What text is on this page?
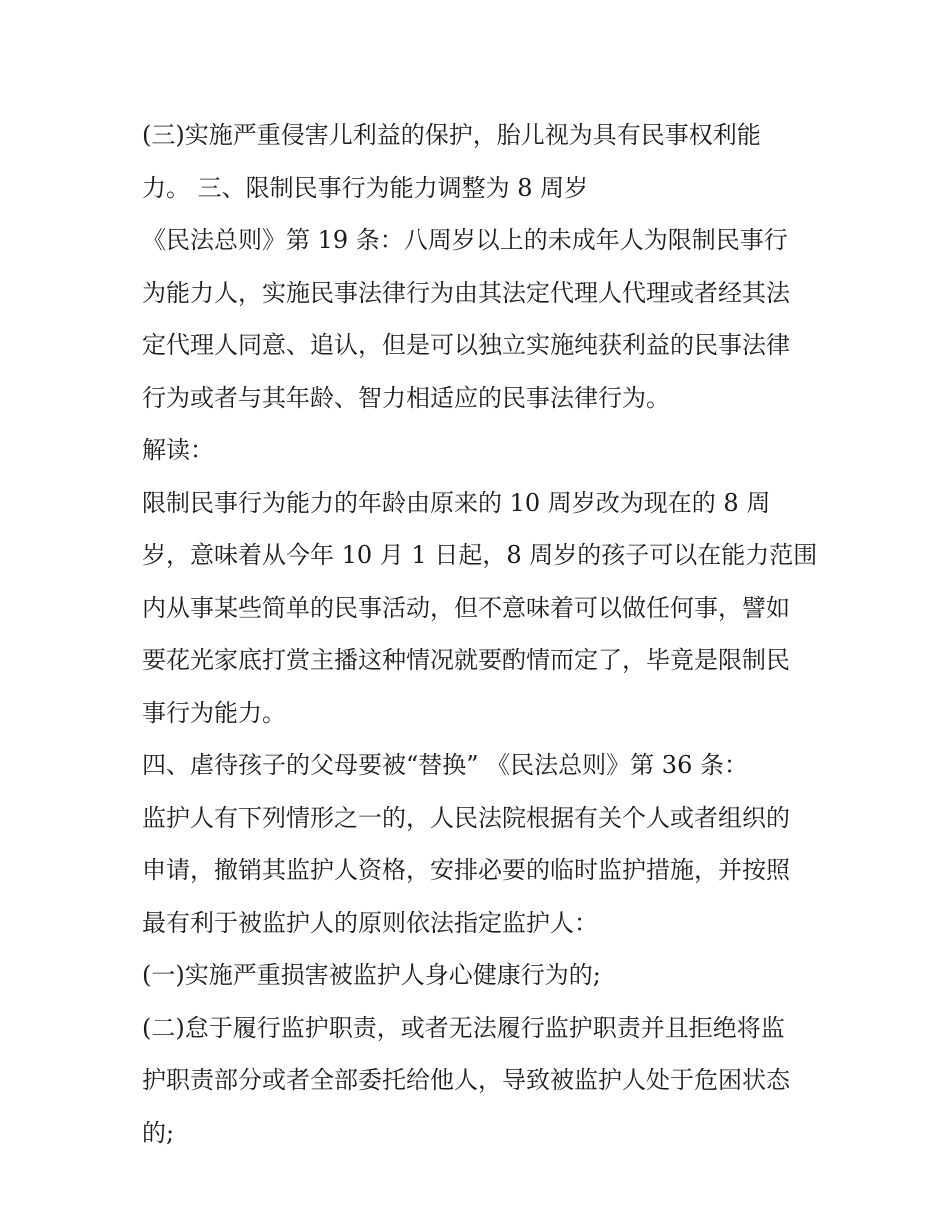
(三)实施严重侵害儿利益的保护，胎儿视为具有民事权利能
力。 三、限制民事行为能力调整为 8 周岁
《民法总则》第 19 条：八周岁以上的未成年人为限制民事行
为能力人，实施民事法律行为由其法定代理人代理或者经其法
定代理人同意、追认，但是可以独立实施纯获利益的民事法律
行为或者与其年龄、智力相适应的民事法律行为。
解读：
限制民事行为能力的年龄由原来的 10 周岁改为现在的 8 周
岁，意味着从今年 10 月 1 日起，8 周岁的孩子可以在能力范围
内从事某些简单的民事活动，但不意味着可以做任何事，譬如
要花光家底打赏主播这种情况就要酌情而定了，毕竟是限制民
事行为能力。
四、虐待孩子的父母要被“替换” 《民法总则》第 36 条：
监护人有下列情形之一的，人民法院根据有关个人或者组织的
申请，撤销其监护人资格，安排必要的临时监护措施，并按照
最有利于被监护人的原则依法指定监护人：
(一)实施严重损害被监护人身心健康行为的;
(二)怠于履行监护职责，或者无法履行监护职责并且拒绝将监
护职责部分或者全部委托给他人，导致被监护人处于危困状态
的;
